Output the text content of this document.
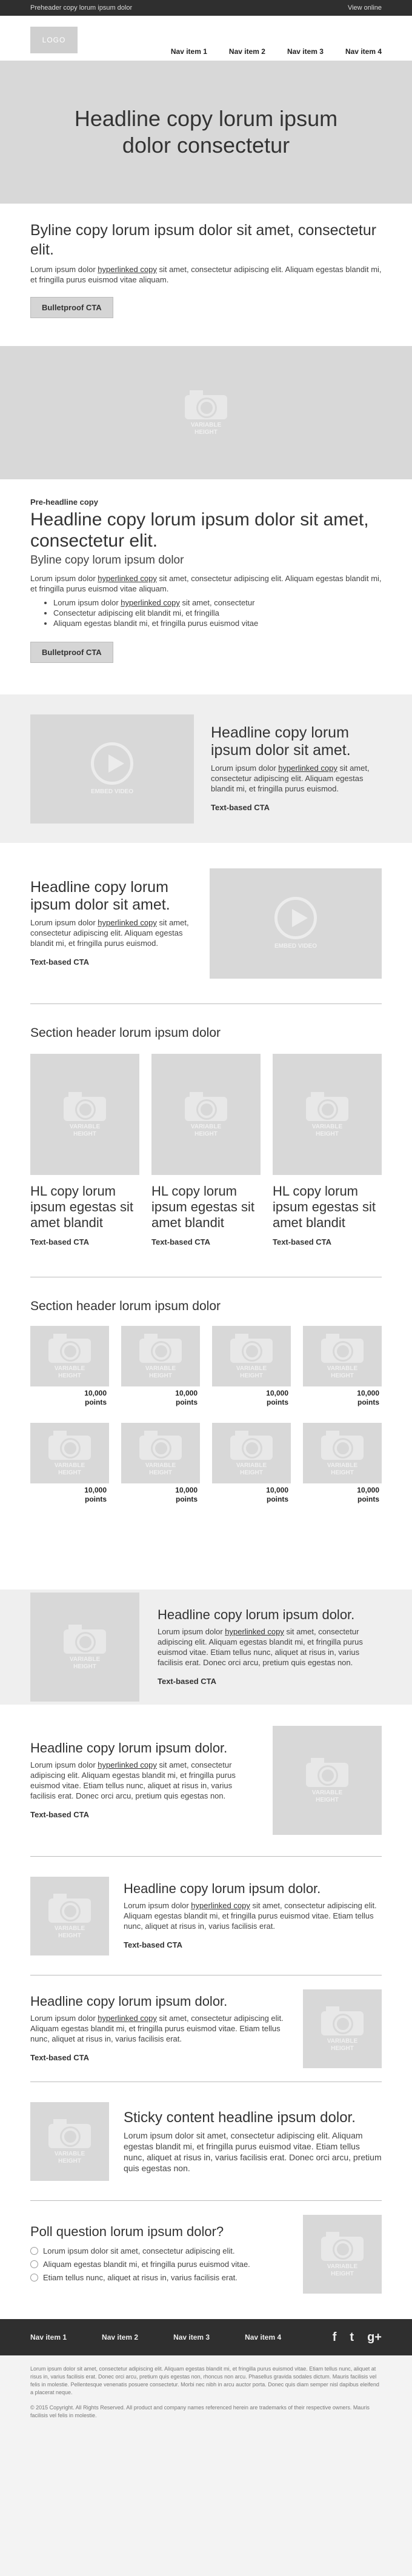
Preheader copy lorum ipsum dolor	View online
LOGO
Nav item 1	Nav item 2	Nav item 3	Nav item 4
Headline copy lorum ipsum dolor consectetur
Byline copy lorum ipsum dolor sit amet, consectetur elit.

Lorum ipsum dolor hyperlinked copy sit amet, consectetur adipiscing elit. Aliquam egestas blandit mi, et fringilla purus euismod vitae aliquam.

Bulletproof CTA
VARIABLE
HEIGHT
Pre-headline copy
Headline copy lorum ipsum dolor sit amet, consectetur elit.
Byline copy lorum ipsum dolor

Lorum ipsum dolor hyperlinked copy sit amet, consectetur adipiscing elit. Aliquam egestas blandit mi, et fringilla purus euismod vitae aliquam.

• Lorum ipsum dolor hyperlinked copy sit amet, consectetur
• Consectetur adipiscing elit blandit mi, et fringilla
• Aliquam egestas blandit mi, et fringilla purus euismod vitae
Bulletproof CTA
EMBED VIDEO
Headline copy lorum ipsum dolor sit amet.

Lorum ipsum dolor hyperlinked copy sit amet, consectetur adipiscing elit. Aliquam egestas blandit mi, et fringilla purus euismod.

Text-based CTA
Headline copy lorum ipsum dolor sit amet.

Lorum ipsum dolor hyperlinked copy sit amet, consectetur adipiscing elit. Aliquam egestas blandit mi, et fringilla purus euismod.

Text-based CTA
EMBED VIDEO
Section header lorum ipsum dolor
VARIABLE
HEIGHT
HL copy lorum ipsum egestas sit amet blandit
Text-based CTA
VARIABLE
HEIGHT
HL copy lorum ipsum egestas sit amet blandit
Text-based CTA
VARIABLE
HEIGHT
HL copy lorum ipsum egestas sit amet blandit
Text-based CTA
Section header lorum ipsum dolor
VARIABLE
HEIGHT
10,000
points
VARIABLE
HEIGHT
10,000
points
VARIABLE
HEIGHT
10,000
points
VARIABLE
HEIGHT
10,000
points
VARIABLE
HEIGHT
10,000
points
VARIABLE
HEIGHT
10,000
points
VARIABLE
HEIGHT
10,000
points
VARIABLE
HEIGHT
10,000
points
VARIABLE
HEIGHT
Headline copy lorum ipsum dolor.

Lorum ipsum dolor hyperlinked copy sit amet, consectetur adipiscing elit. Aliquam egestas blandit mi, et fringilla purus euismod vitae. Etiam tellus nunc, aliquet at risus in, varius facilisis erat. Donec orci arcu, pretium quis egestas non.

Text-based CTA
Headline copy lorum ipsum dolor.

Lorum ipsum dolor hyperlinked copy sit amet, consectetur adipiscing elit. Aliquam egestas blandit mi, et fringilla purus euismod vitae. Etiam tellus nunc, aliquet at risus in, varius facilisis erat. Donec orci arcu, pretium quis egestas non.

Text-based CTA
VARIABLE
HEIGHT
VARIABLE
HEIGHT
Headline copy lorum ipsum dolor.

Lorum ipsum dolor hyperlinked copy sit amet, consectetur adipiscing elit. Aliquam egestas blandit mi, et fringilla purus euismod vitae. Etiam tellus nunc, aliquet at risus in, varius facilisis erat.

Text-based CTA
Headline copy lorum ipsum dolor.

Lorum ipsum dolor hyperlinked copy sit amet, consectetur adipiscing elit. Aliquam egestas blandit mi, et fringilla purus euismod vitae. Etiam tellus nunc, aliquet at risus in, varius facilisis erat.

Text-based CTA
VARIABLE
HEIGHT
VARIABLE
HEIGHT
Sticky content headline ipsum dolor.

Lorum ipsum dolor sit amet, consectetur adipiscing elit. Aliquam egestas blandit mi, et fringilla purus euismod vitae. Etiam tellus nunc, aliquet at risus in, varius facilisis erat. Donec orci arcu, pretium quis egestas non.

Poll question lorum ipsum dolor?
Lorum ipsum dolor sit amet, consectetur adipiscing elit.
Aliquam egestas blandit mi, et fringilla purus euismod vitae.
Etiam tellus nunc, aliquet at risus in, varius facilisis erat.
VARIABLE
HEIGHT
Nav item 1	Nav item 2	Nav item 3	Nav item 4	f t g+

Lorum ipsum dolor sit amet, consectetur adipiscing elit. Aliquam egestas blandit mi, et fringilla purus euismod vitae. Etiam tellus nunc, aliquet at risus in, varius facilisis erat. Donec orci arcu, pretium quis egestas non, rhoncus non arcu. Phasellus gravida sodales dictum. Mauris facilisis vel felis in molestie. Pellentesque venenatis posuere consectetur. Morbi nec nibh in arcu auctor porta. Donec quis diam semper nisl dapibus eleifend a placerat neque.

© 2015 Copyright. All Rights Reserved. All product and company names referenced herein are trademarks of their respective owners. Mauris facilisis vel felis in molestie.
